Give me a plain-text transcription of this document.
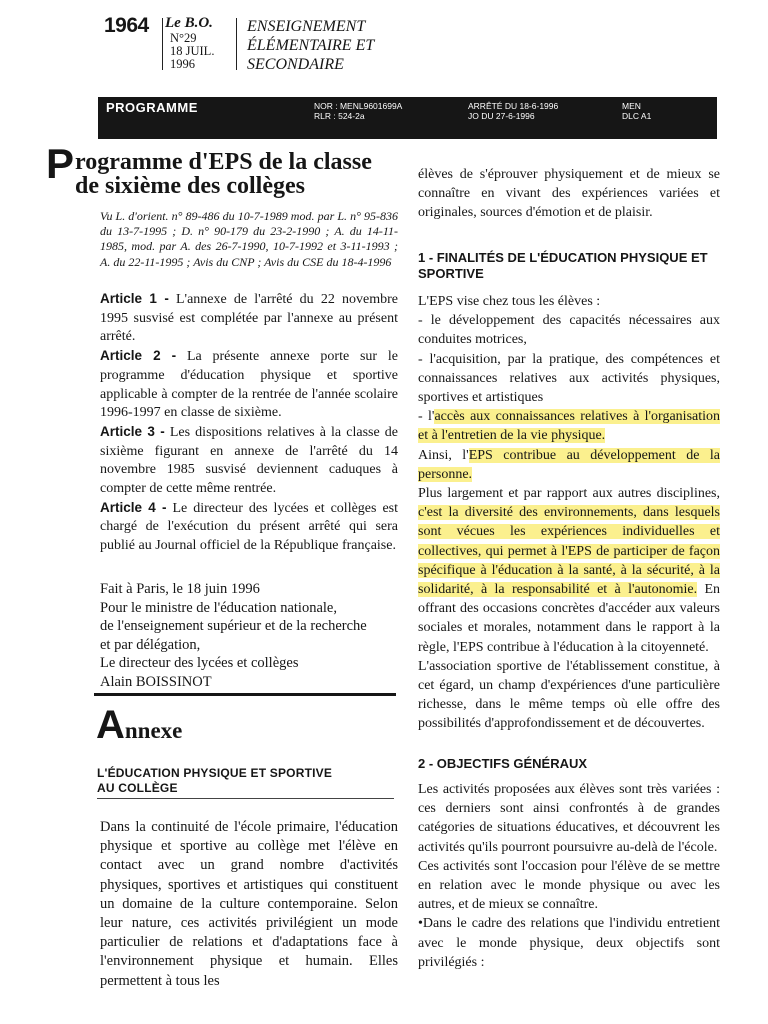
1964 Le B.O.
N°29
18 JUIL.
1996
ENSEIGNEMENT
ÉLÉMENTAIRE ET
SECONDAIRE
PROGRAMME	NOR : MENL9601699A
RLR : 524-2a
ARRÊTÉ DU 18-6-1996
JO DU 27-6-1996
MEN
DLC A1
P rogramme d'EPS de la classe
de sixième des collèges
Vu L. d'orient. n° 89-486 du 10-7-1989 mod. par L. n° 95-836 du 13-7-1995 ; D. n° 90-179 du 23-2-1990 ; A. du 14-11-1985, mod. par A. des 26-7-1990, 10-7-1992 et 3-11-1993 ; A. du 22-11-1995 ; Avis du CNP ; Avis du CSE du 18-4-1996

Article 1 - L'annexe de l'arrêté du 22 novembre 1995 susvisé est complétée par l'annexe au présent arrêté.

Article 2 - La présente annexe porte sur le programme d'éducation physique et sportive applicable à compter de la rentrée de l'année scolaire 1996-1997 en classe de sixième.

Article 3 - Les dispositions relatives à la classe de sixième figurant en annexe de l'arrêté du 14 novembre 1985 susvisé deviennent caduques à compter de cette même rentrée.

Article 4 - Le directeur des lycées et collèges est chargé de l'exécution du présent arrêté qui sera publié au Journal officiel de la République française.

Fait à Paris, le 18 juin 1996
Pour le ministre de l'éducation nationale,
de l'enseignement supérieur et de la recherche
et par délégation,
Le directeur des lycées et collèges
Alain BOISSINOT
Annexe
L'ÉDUCATION PHYSIQUE ET SPORTIVE
AU COLLÈGE
Dans la continuité de l'école primaire, l'éducation physique et sportive au collège met l'élève en contact avec un grand nombre d'activités physiques, sportives et artistiques qui constituent un domaine de la culture contemporaine. Selon leur nature, ces activités privilégient un mode particulier de relations et d'adaptations face à l'environnement physique et humain. Elles permettent à tous les
élèves de s'éprouver physiquement et de mieux se connaître en vivant des expériences variées et originales, sources d'émotion et de plaisir.
1 - FINALITÉS DE L'ÉDUCATION PHYSIQUE ET SPORTIVE

L'EPS vise chez tous les élèves :

- le développement des capacités nécessaires aux conduites motrices,

- l'acquisition, par la pratique, des compétences et connaissances relatives aux activités physiques, sportives et artistiques

- l'accès aux connaissances relatives à l'organisation et à l'entretien de la vie physique.

Ainsi, l'EPS contribue au développement de la personne.

Plus largement et par rapport aux autres disciplines, c'est la diversité des environnements, dans lesquels sont vécues les expériences individuelles et collectives, qui permet à l'EPS de participer de façon spécifique à l'éducation à la santé, à la sécurité, à la solidarité, à la responsabilité et à l'autonomie. En offrant des occasions concrètes d'accéder aux valeurs sociales et morales, notamment dans le rapport à la règle, l'EPS contribue à l'éducation à la citoyenneté.

L'association sportive de l'établissement constitue, à cet égard, un champ d'expériences d'une particulière richesse, dans le même temps où elle offre des possibilités d'approfondissement et de découvertes.

2 - OBJECTIFS GÉNÉRAUX

Les activités proposées aux élèves sont très variées : ces derniers sont ainsi confrontés à de grandes catégories de situations éducatives, et découvrent les activités qu'ils pourront poursuivre au-delà de l'école.

Ces activités sont l'occasion pour l'élève de se mettre en relation avec le monde physique ou avec les autres, et de mieux se connaître.

•Dans le cadre des relations que l'individu entretient avec le monde physique, deux objectifs sont privilégiés :
